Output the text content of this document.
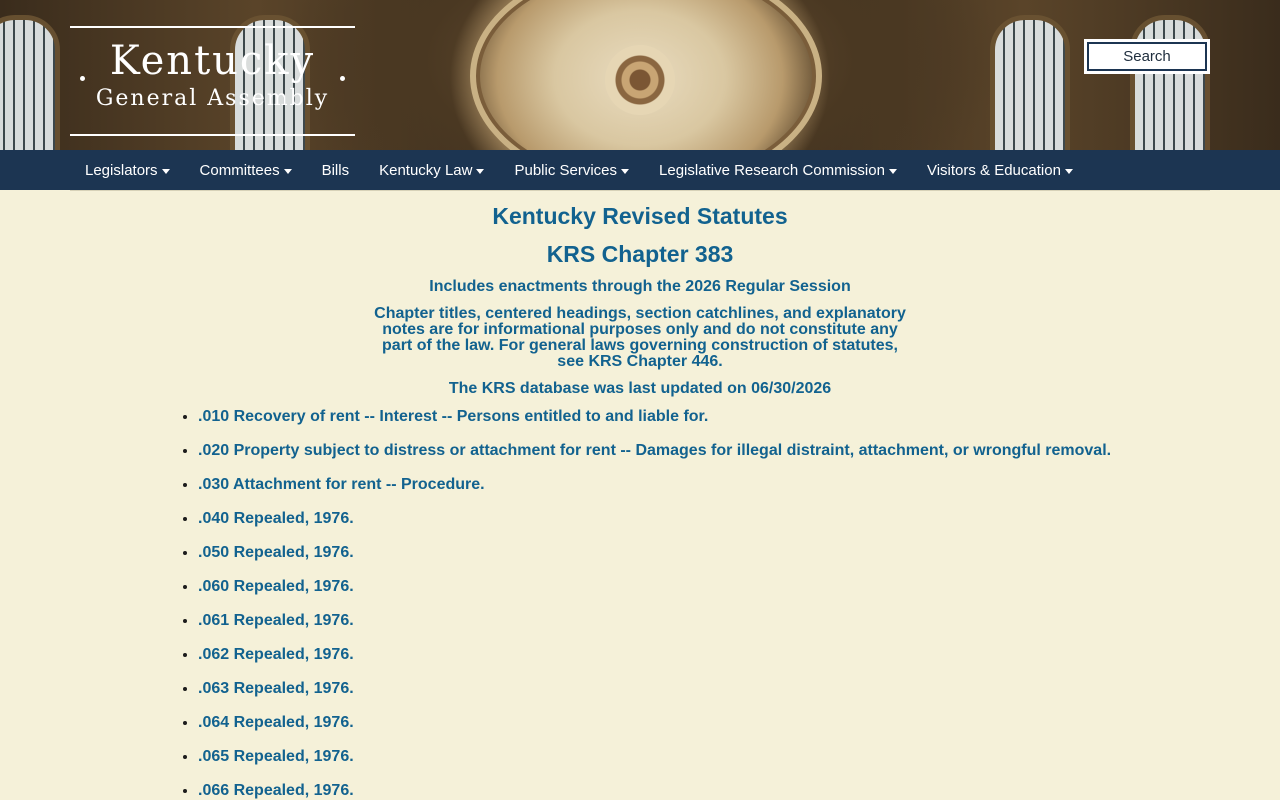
Kentucky
General Assembly
Search
Legislators	Committees	Bills Kentucky Law	Public Services	Legislative Research Commission	Visitors & Education
Kentucky Revised Statutes
KRS Chapter 383
Includes enactments through the 2026 Regular Session
Chapter titles, centered headings, section catchlines, and explanatory notes are for informational purposes only and do not constitute any part of the law. For general laws governing construction of statutes, see KRS Chapter 446.
The KRS database was last updated on 06/30/2026
• .010 Recovery of rent -- Interest -- Persons entitled to and liable for.
• .020 Property subject to distress or attachment for rent -- Damages for illegal distraint, attachment, or wrongful removal.
• .030 Attachment for rent -- Procedure.
• .040 Repealed, 1976.
• .050 Repealed, 1976.
• .060 Repealed, 1976.
• .061 Repealed, 1976.
• .062 Repealed, 1976.
• .063 Repealed, 1976.
• .064 Repealed, 1976.
• .065 Repealed, 1976.
• .066 Repealed, 1976.
